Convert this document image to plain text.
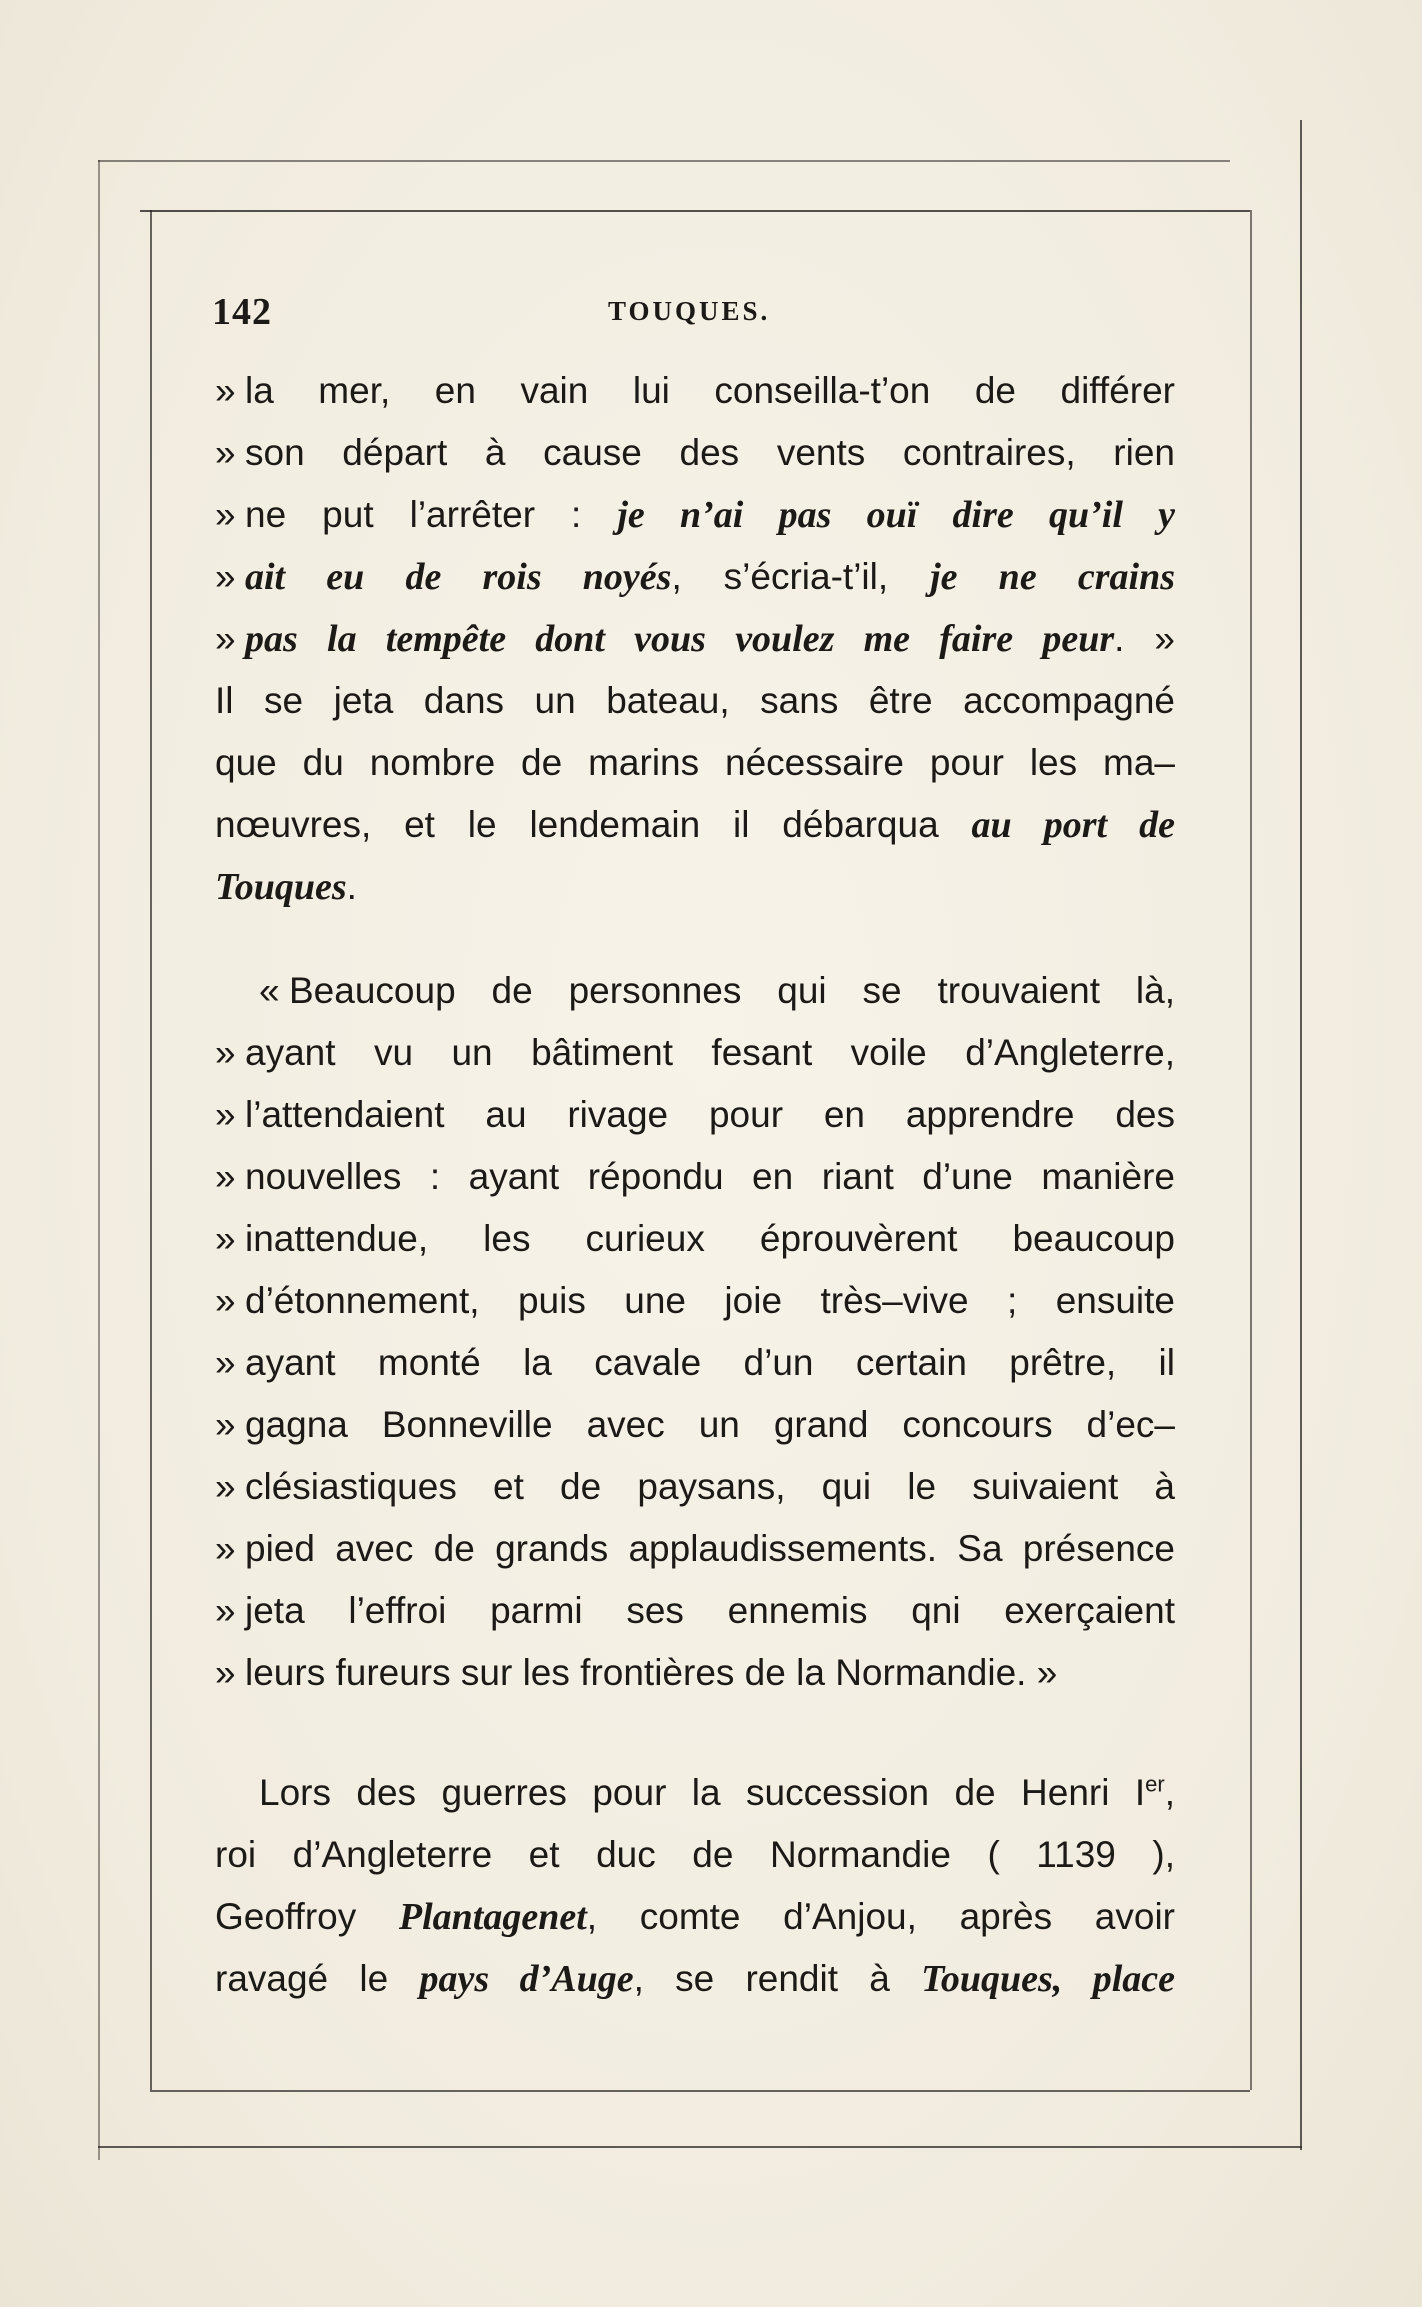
142	TOUQUES.
» la mer, en vain lui conseilla-t’on de différer
» son départ à cause des vents contraires, rien
» ne put l’arrêter : je n’ai pas ouï dire qu’il y
» ait eu de rois noyés, s’écria-t’il, je ne crains
» pas la tempête dont vous voulez me faire peur. »
Il se jeta dans un bateau, sans être accompagné
que du nombre de marins nécessaire pour les ma–
nœuvres, et le lendemain il débarqua au port de
Touques.
« Beaucoup de personnes qui se trouvaient là,
» ayant vu un bâtiment fesant voile d’Angleterre,
» l’attendaient au rivage pour en apprendre des
» nouvelles : ayant répondu en riant d’une manière
» inattendue, les curieux éprouvèrent beaucoup
» d’étonnement, puis une joie très–vive ; ensuite
» ayant monté la cavale d’un certain prêtre, il
» gagna Bonneville avec un grand concours d’ec–
» clésiastiques et de paysans, qui le suivaient à
» pied avec de grands applaudissements. Sa présence
» jeta l’effroi parmi ses ennemis qni exerçaient
» leurs fureurs sur les frontières de la Normandie. »
Lors des guerres pour la succession de Henri Ier,
roi d’Angleterre et duc de Normandie ( 1139 ),
Geoffroy Plantagenet, comte d’Anjou, après avoir
ravagé le pays d’Auge, se rendit à Touques, place
